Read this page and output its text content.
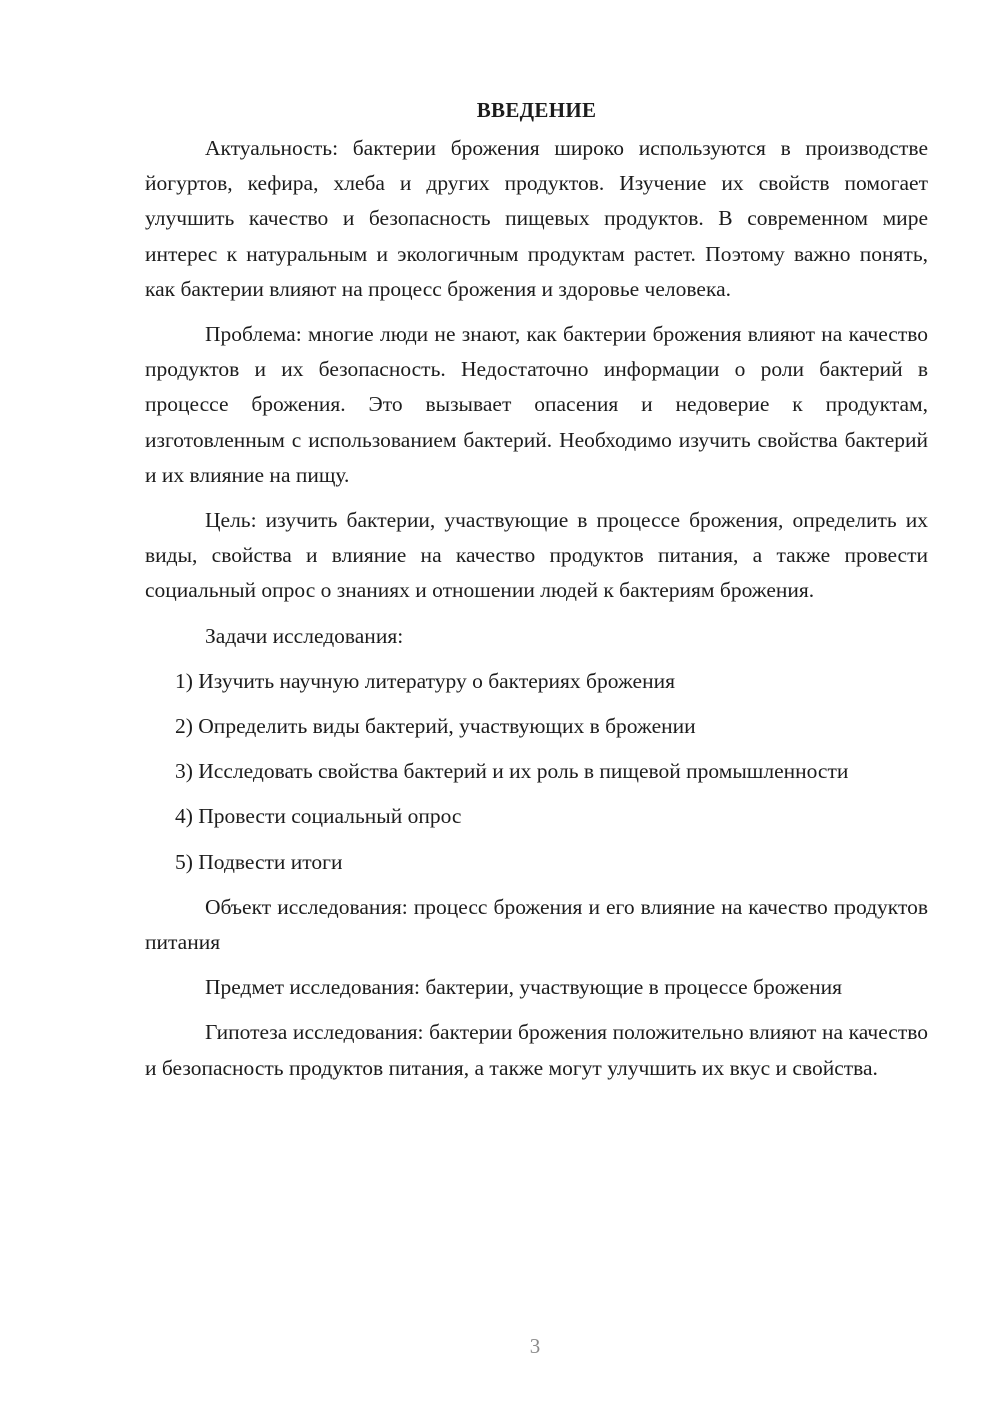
ВВЕДЕНИЕ

Актуальность: бактерии брожения широко используются в производстве йогуртов, кефира, хлеба и других продуктов. Изучение их свойств помогает улучшить качество и безопасность пищевых продуктов. В современном мире интерес к натуральным и экологичным продуктам растет. Поэтому важно понять, как бактерии влияют на процесс брожения и здоровье человека.

Проблема: многие люди не знают, как бактерии брожения влияют на качество продуктов и их безопасность. Недостаточно информации о роли бактерий в процессе брожения. Это вызывает опасения и недоверие к продуктам, изготовленным с использованием бактерий. Необходимо изучить свойства бактерий и их влияние на пищу.

Цель: изучить бактерии, участвующие в процессе брожения, определить их виды, свойства и влияние на качество продуктов питания, а также провести социальный опрос о знаниях и отношении людей к бактериям брожения.

Задачи исследования:

1) Изучить научную литературу о бактериях брожения

2) Определить виды бактерий, участвующих в брожении

3) Исследовать свойства бактерий и их роль в пищевой промышленности

4) Провести социальный опрос

5) Подвести итоги

Объект исследования: процесс брожения и его влияние на качество продуктов питания

Предмет исследования: бактерии, участвующие в процессе брожения

Гипотеза исследования: бактерии брожения положительно влияют на качество и безопасность продуктов питания, а также могут улучшить их вкус и свойства.

3
